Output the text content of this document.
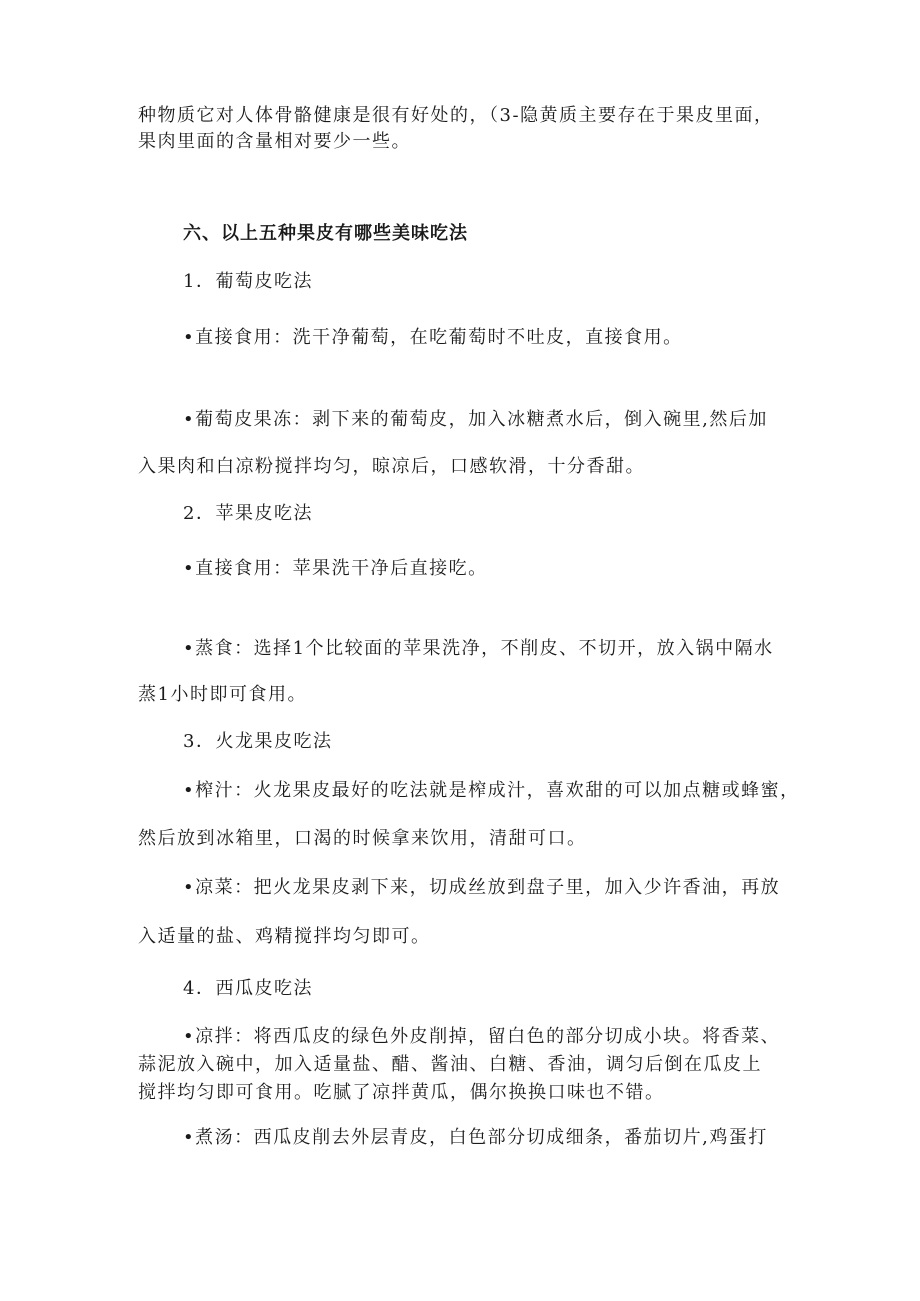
种物质它对人体骨骼健康是很有好处的，（3-隐黄质主要存在于果皮里面，
果肉里面的含量相对要少一些。
六、以上五种果皮有哪些美味吃法
1．葡萄皮吃法
•直接食用：洗干净葡萄，在吃葡萄时不吐皮，直接食用。
•葡萄皮果冻：剥下来的葡萄皮，加入冰糖煮水后，倒入碗里,然后加
入果肉和白凉粉搅拌均匀，晾凉后，口感软滑，十分香甜。
2．苹果皮吃法
•直接食用：苹果洗干净后直接吃。
•蒸食：选择1个比较面的苹果洗净，不削皮、不切开，放入锅中隔水
蒸1小时即可食用。
3．火龙果皮吃法
•榨汁：火龙果皮最好的吃法就是榨成汁，喜欢甜的可以加点糖或蜂蜜，
然后放到冰箱里，口渴的时候拿来饮用，清甜可口。
•凉菜：把火龙果皮剥下来，切成丝放到盘子里，加入少许香油，再放
入适量的盐、鸡精搅拌均匀即可。
4．西瓜皮吃法
•凉拌：将西瓜皮的绿色外皮削掉，留白色的部分切成小块。将香菜、
蒜泥放入碗中，加入适量盐、醋、酱油、白糖、香油，调匀后倒在瓜皮上
搅拌均匀即可食用。吃腻了凉拌黄瓜，偶尔换换口味也不错。
•煮汤：西瓜皮削去外层青皮，白色部分切成细条，番茄切片,鸡蛋打
